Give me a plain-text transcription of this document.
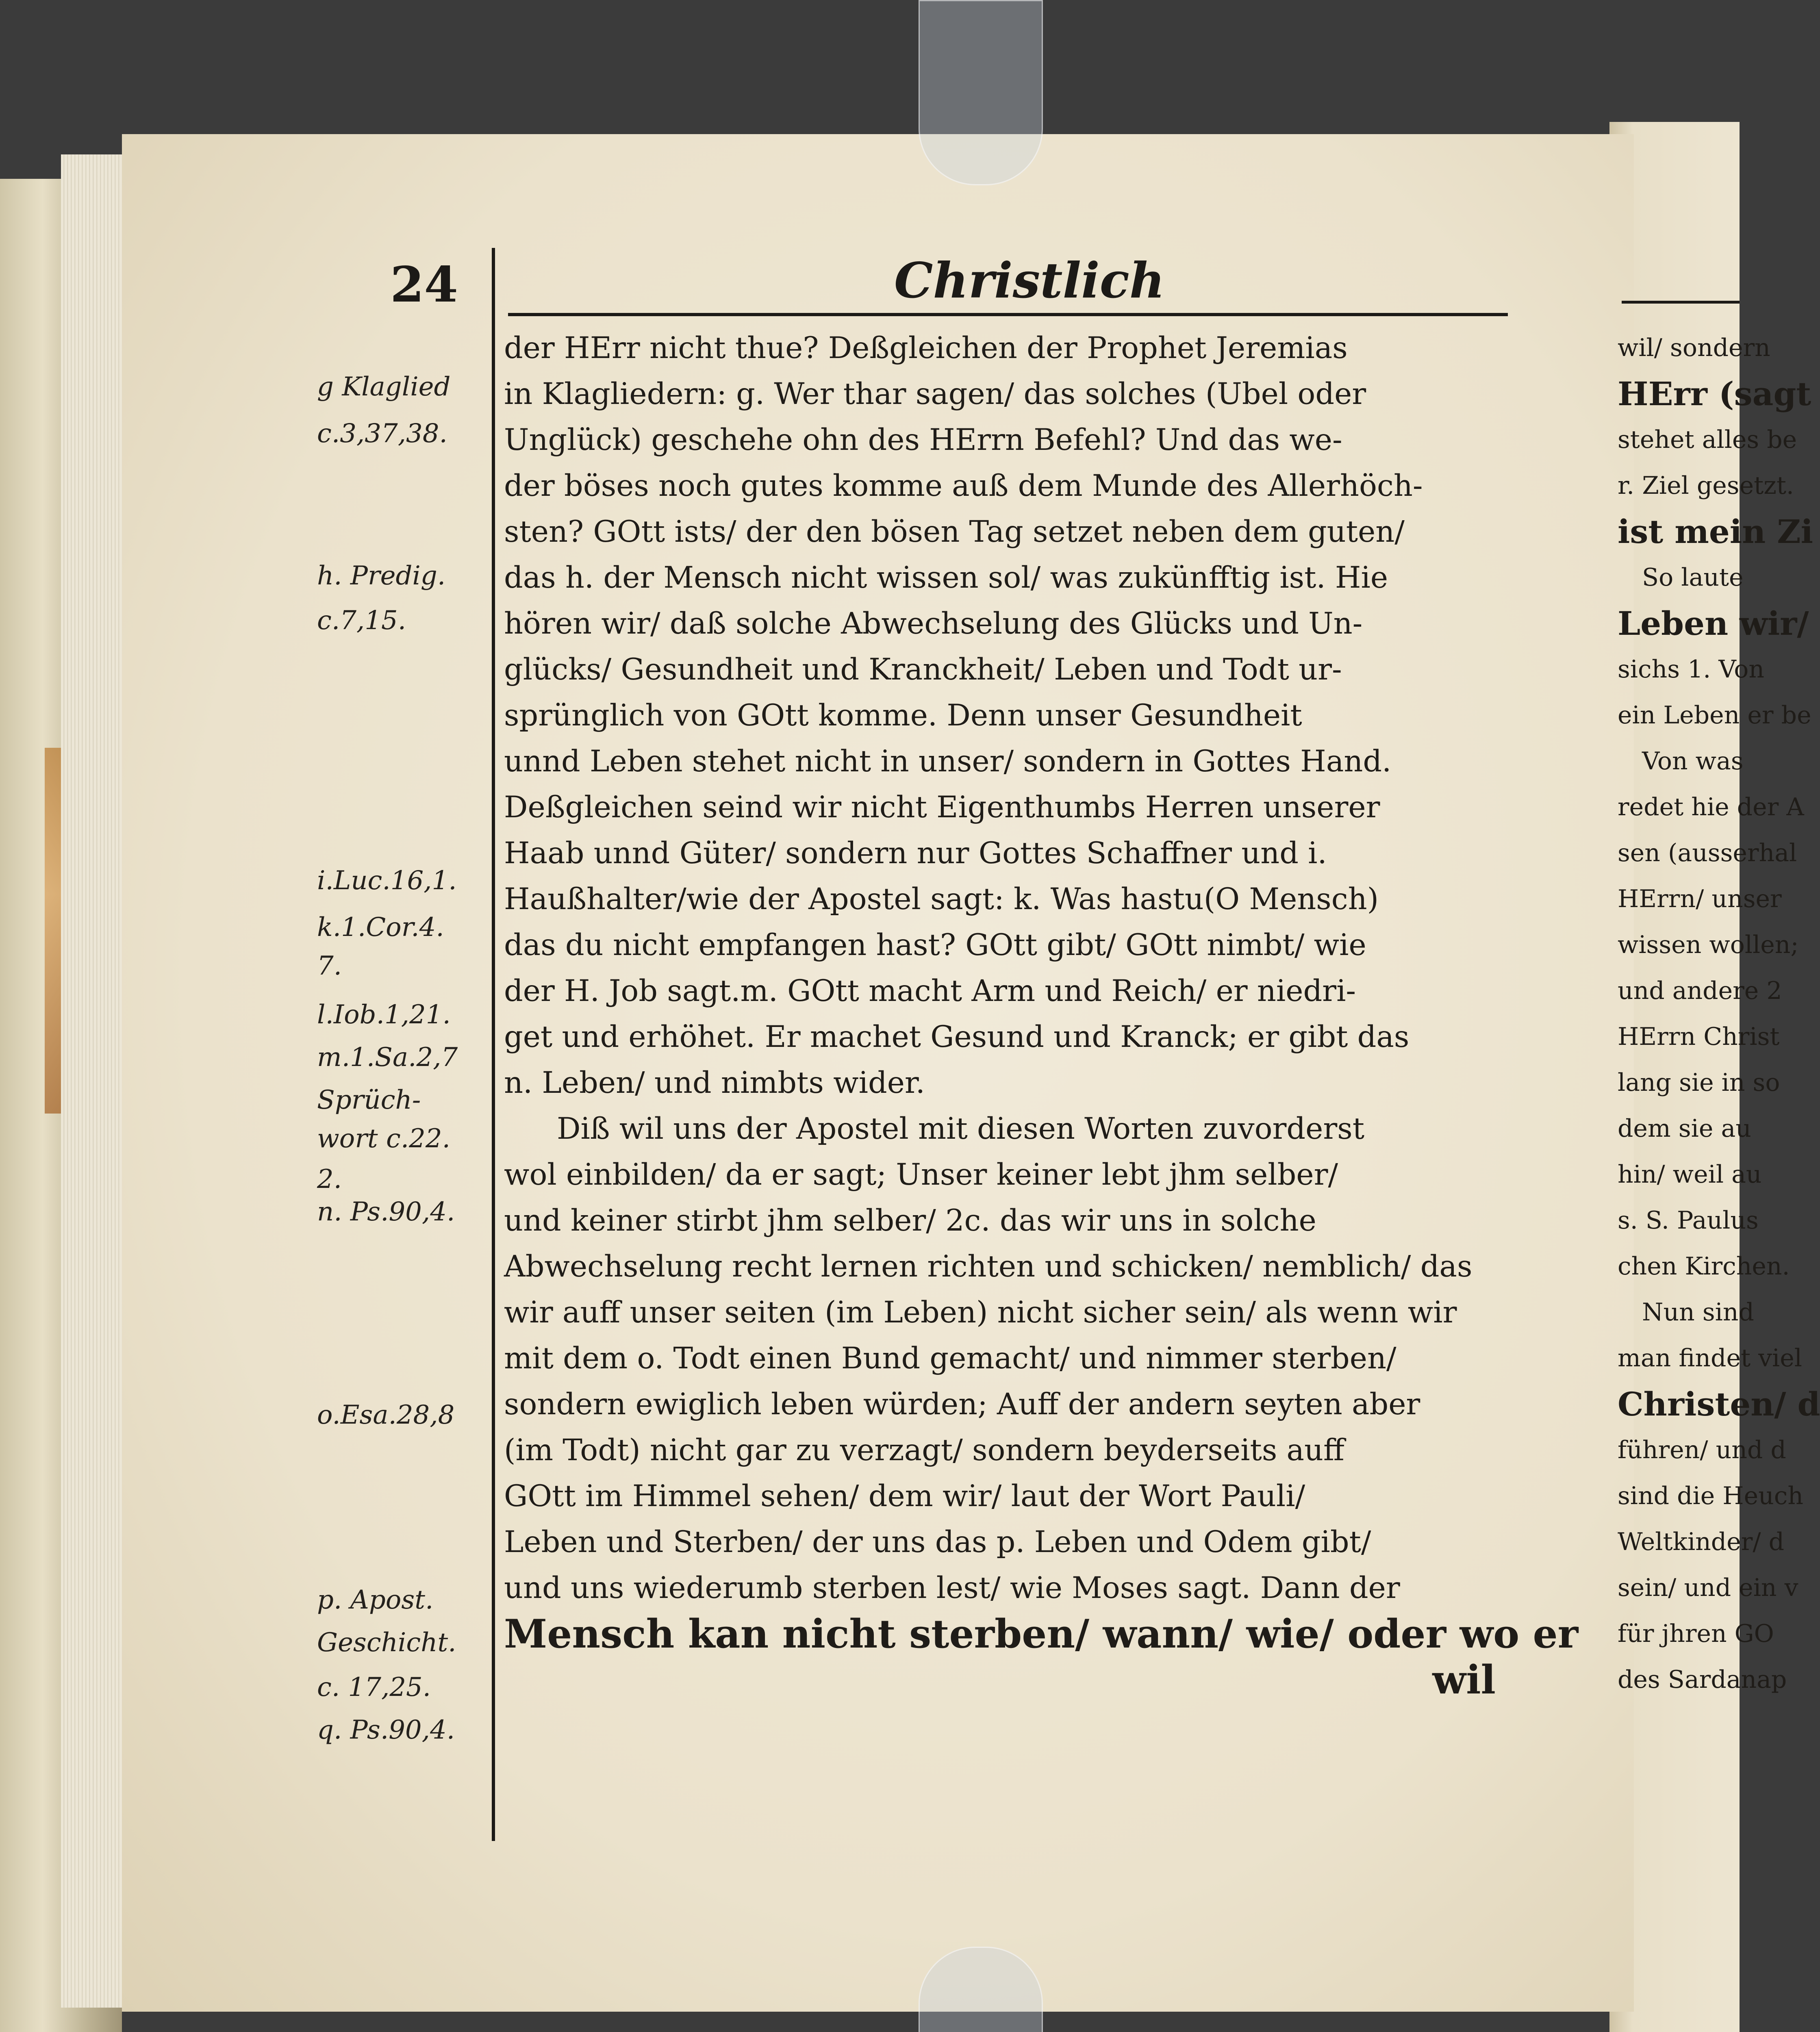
24	Christlich
g Klaglied
c.3,37,38.
h. Predig.
c.7,15.
i.Luc.16,1.
k.1.Cor.4.
7.
l.Iob.1,21.
m.1.Sa.2,7
Sprüch-
wort c.22.
2.
n. Ps.90,4.
o.Esa.28,8
p. Apost.
Geschicht.
c. 17,25.
q. Ps.90,4.
der HErr nicht thue? Deßgleichen der Prophet Jeremias
in Klagliedern: g. Wer thar sagen/ das solches (Ubel oder
Unglück) geschehe ohn des HErrn Befehl? Und das we-
der böses noch gutes komme auß dem Munde des Allerhöch-
sten? GOtt ists/ der den bösen Tag setzet neben dem guten/
das h. der Mensch nicht wissen sol/ was zukünfftig ist. Hie
hören wir/ daß solche Abwechselung des Glücks und Un-
glücks/ Gesundheit und Kranckheit/ Leben und Todt ur-
sprünglich von GOtt komme. Denn unser Gesundheit
unnd Leben stehet nicht in unser/ sondern in Gottes Hand.
Deßgleichen seind wir nicht Eigenthumbs Herren unserer
Haab unnd Güter/ sondern nur Gottes Schaffner und i.
Haußhalter/wie der Apostel sagt: k. Was hastu(O Mensch)
das du nicht empfangen hast? GOtt gibt/ GOtt nimbt/ wie
der H. Job sagt.m. GOtt macht Arm und Reich/ er niedri-
get und erhöhet. Er machet Gesund und Kranck; er gibt das
n. Leben/ und nimbts wider.
Diß wil uns der Apostel mit diesen Worten zuvorderst
wol einbilden/ da er sagt; Unser keiner lebt jhm selber/
und keiner stirbt jhm selber/ 2c. das wir uns in solche
Abwechselung recht lernen richten und schicken/ nemblich/ das
wir auff unser seiten (im Leben) nicht sicher sein/ als wenn wir
mit dem o. Todt einen Bund gemacht/ und nimmer sterben/
sondern ewiglich leben würden; Auff der andern seyten aber
(im Todt) nicht gar zu verzagt/ sondern beyderseits auff
GOtt im Himmel sehen/ dem wir/ laut der Wort Pauli/
Leben und Sterben/ der uns das p. Leben und Odem gibt/
und uns wiederumb sterben lest/ wie Moses sagt. Dann der
Mensch kan nicht sterben/ wann/ wie/ oder wo er
wil
wil/ sondern
HErr (sagt
stehet alles be
r. Ziel gesetzt.
ist mein Zi
So laute
Leben wir/
sichs 1. Von
ein Leben er be
Von was
redet hie der A
sen (ausserhal
HErrn/ unser
wissen wollen;
und andere 2
HErrn Christ
lang sie in so
dem sie au
hin/ weil au
s. S. Paulus
chen Kirchen.
Nun sind
man findet viel
Christen/ d
führen/ und d
sind die Heuch
Weltkinder/ d
sein/ und ein v
für jhren GO
des Sardanap
